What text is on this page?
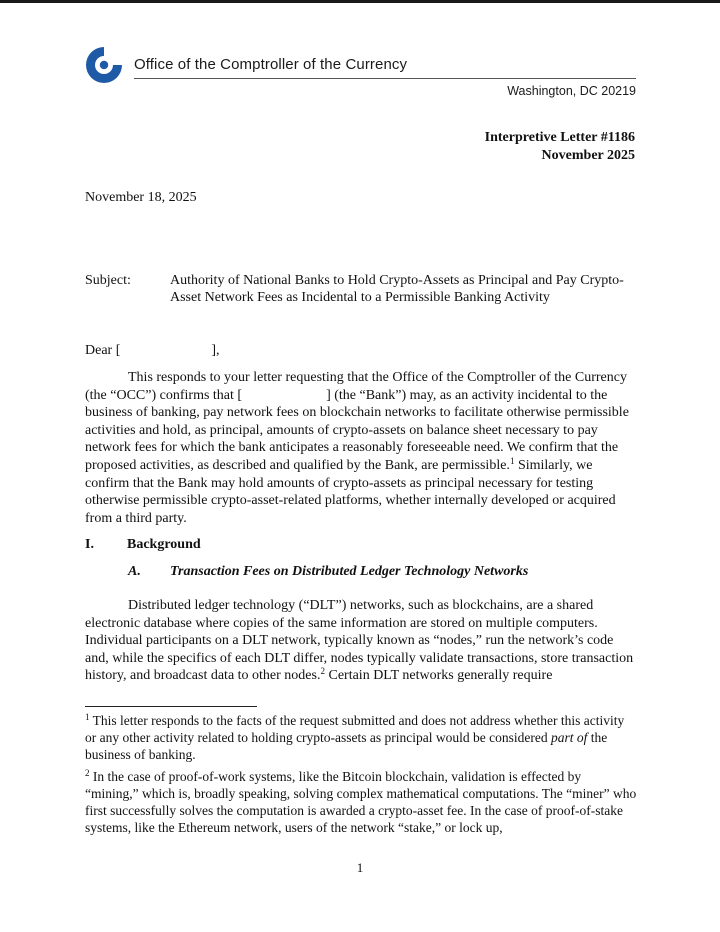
Office of the Comptroller of the Currency
Washington, DC 20219
Interpretive Letter #1186
November 2025
November 18, 2025
Subject:	Authority of National Banks to Hold Crypto-Assets as Principal and Pay Crypto-
Asset Network Fees as Incidental to a Permissible Banking Activity
Dear [	],

This responds to your letter requesting that the Office of the Comptroller of the Currency (the “OCC”) confirms that [	] (the “Bank”) may, as an activity incidental to the business of banking, pay network fees on blockchain networks to facilitate otherwise permissible activities and hold, as principal, amounts of crypto-assets on balance sheet necessary to pay network fees for which the bank anticipates a reasonably foreseeable need. We confirm that the proposed activities, as described and qualified by the Bank, are permissible.$^1$ Similarly, we confirm that the Bank may hold amounts of crypto-assets as principal necessary for testing otherwise permissible crypto-asset-related platforms, whether internally developed or acquired from a third party.

I. Background
A. Transaction Fees on Distributed Ledger Technology Networks

Distributed ledger technology (“DLT”) networks, such as blockchains, are a shared electronic database where copies of the same information are stored on multiple computers. Individual participants on a DLT network, typically known as “nodes,” run the network’s code and, while the specifics of each DLT differ, nodes typically validate transactions, store transaction history, and broadcast data to other nodes.$^2$ Certain DLT networks generally require

$^1$ This letter responds to the facts of the request submitted and does not address whether this activity or any other activity related to holding crypto-assets as principal would be considered part of the business of banking.

$^2$ In the case of proof-of-work systems, like the Bitcoin blockchain, validation is effected by “mining,” which is, broadly speaking, solving complex mathematical computations. The “miner” who first successfully solves the computation is awarded a crypto-asset fee. In the case of proof-of-stake systems, like the Ethereum network, users of the network “stake,” or lock up,

1
